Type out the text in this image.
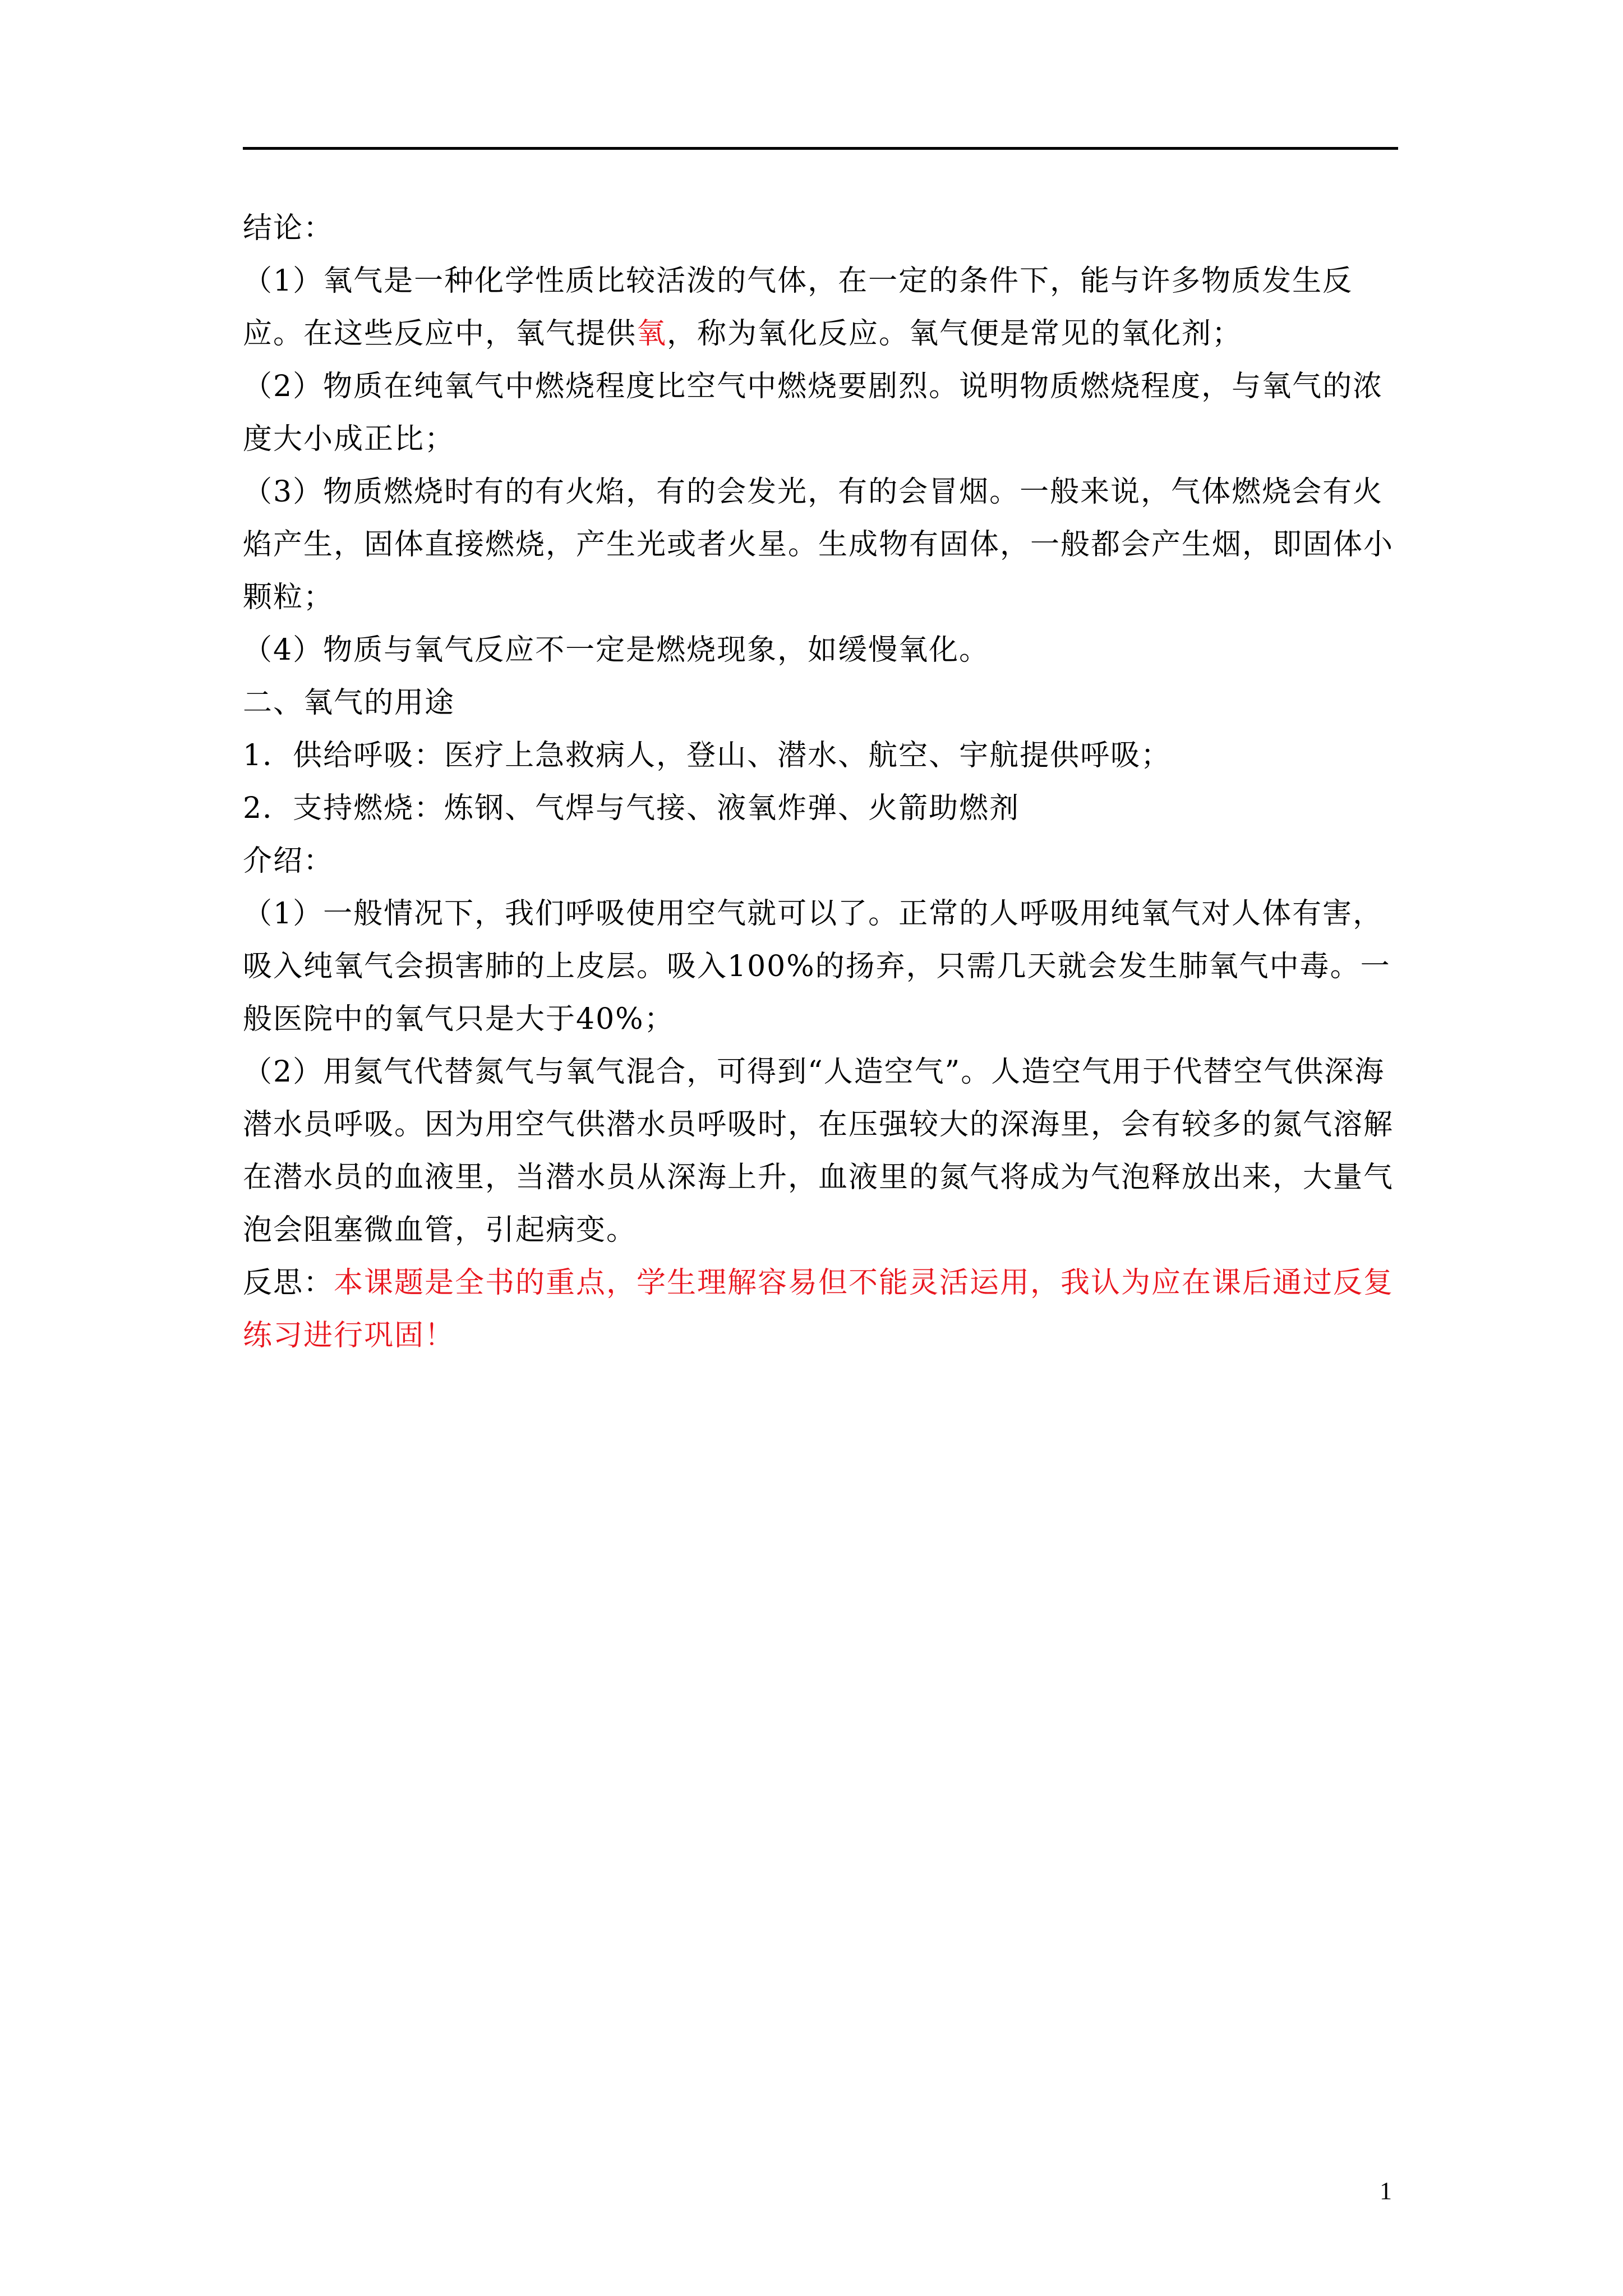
结论：

（1）氧气是一种化学性质比较活泼的气体，在一定的条件下，能与许多物质发生反应。在这些反应中，氧气提供氧，称为氧化反应。氧气便是常见的氧化剂；

（2）物质在纯氧气中燃烧程度比空气中燃烧要剧烈。说明物质燃烧程度，与氧气的浓度大小成正比；

（3）物质燃烧时有的有火焰，有的会发光，有的会冒烟。一般来说，气体燃烧会有火焰产生，固体直接燃烧，产生光或者火星。生成物有固体，一般都会产生烟，即固体小颗粒；

（4）物质与氧气反应不一定是燃烧现象，如缓慢氧化。

二、氧气的用途

1．供给呼吸：医疗上急救病人，登山、潜水、航空、宇航提供呼吸；

2．支持燃烧：炼钢、气焊与气接、液氧炸弹、火箭助燃剂

介绍：

（1）一般情况下，我们呼吸使用空气就可以了。正常的人呼吸用纯氧气对人体有害，吸入纯氧气会损害肺的上皮层。吸入100%的扬弃，只需几天就会发生肺氧气中毒。一般医院中的氧气只是大于40%；

（2）用氦气代替氮气与氧气混合，可得到“人造空气”。人造空气用于代替空气供深海潜水员呼吸。因为用空气供潜水员呼吸时，在压强较大的深海里，会有较多的氮气溶解在潜水员的血液里，当潜水员从深海上升，血液里的氮气将成为气泡释放出来，大量气泡会阻塞微血管，引起病变。

反思：本课题是全书的重点，学生理解容易但不能灵活运用，我认为应在课后通过反复练习进行巩固！

1
